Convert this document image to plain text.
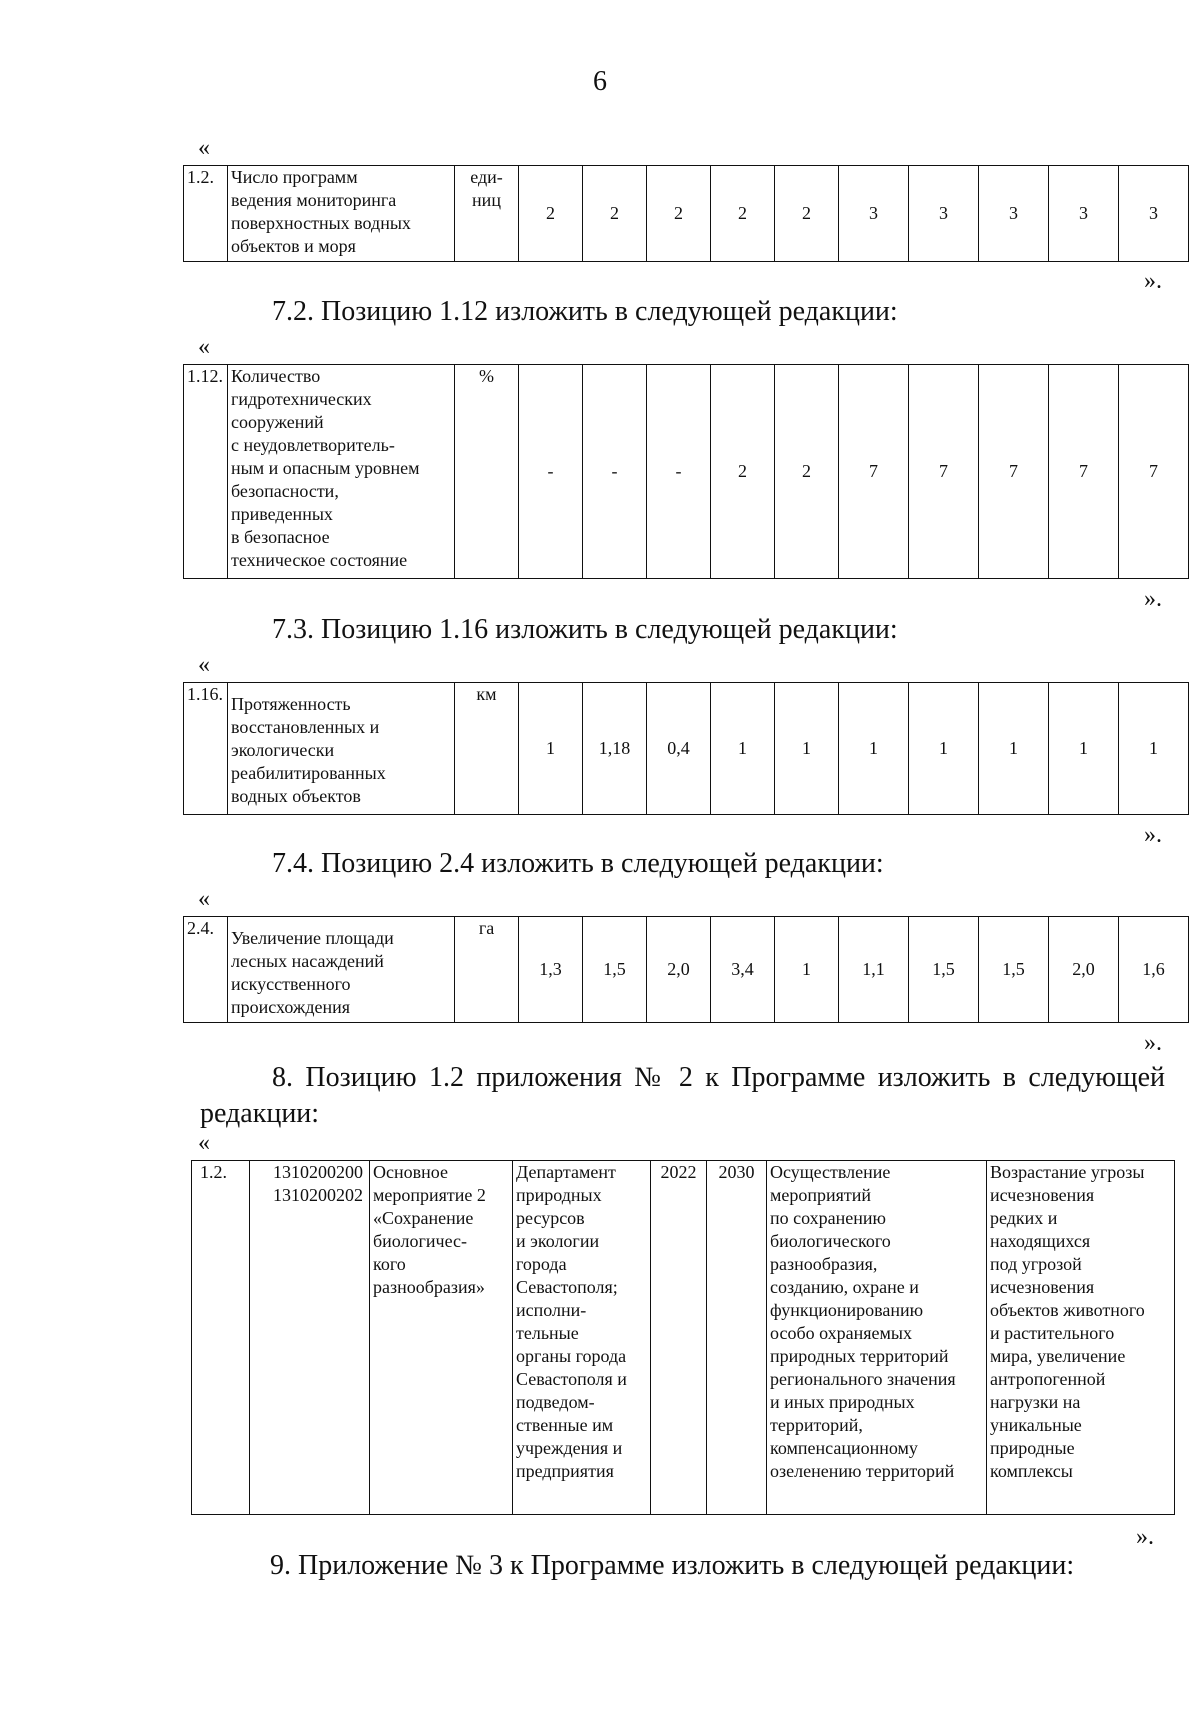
6
«
1.2.	Число программ
ведения мониторинга
поверхностных водных
объектов и моря	еди-
ниц	2	2	2	2	2	3	3	3	3	3
».
7.2. Позицию 1.12 изложить в следующей редакции:
«
1.12.	Количество
гидротехнических
сооружений
с неудовлетворитель-
ным и опасным уровнем
безопасности,
приведенных
в безопасное
техническое состояние	%	-	-	-	2	2	7	7	7	7	7
».
7.3. Позицию 1.16 изложить в следующей редакции:
«
1.16.	Протяженность
восстановленных и
экологически
реабилитированных
водных объектов	км	1	1,18	0,4	1	1	1	1	1	1	1
».
7.4. Позицию 2.4 изложить в следующей редакции:
«
2.4.	Увеличение площади
лесных насаждений
искусственного
происхождения	га	1,3	1,5	2,0	3,4	1	1,1	1,5	1,5	2,0	1,6
».
8. Позицию 1.2 приложения № 2 к Программе изложить в следующей редакции:
«
1.2.	1310200200
1310200202	Основное
мероприятие 2
«Сохранение
биологичес-
кого
разнообразия»	Департамент
природных
ресурсов
и экологии
города
Севастополя;
исполни-
тельные
органы города
Севастополя и
подведом-
ственные им
учреждения и
предприятия	2022	2030	Осуществление
мероприятий
по сохранению
биологического
разнообразия,
созданию, охране и
функционированию
особо охраняемых
природных территорий
регионального значения
и иных природных
территорий,
компенсационному
озеленению территорий	Возрастание угрозы
исчезновения
редких и
находящихся
под угрозой
исчезновения
объектов животного
и растительного
мира, увеличение
антропогенной
нагрузки на
уникальные
природные
комплексы
».
9. Приложение № 3 к Программе изложить в следующей редакции:
